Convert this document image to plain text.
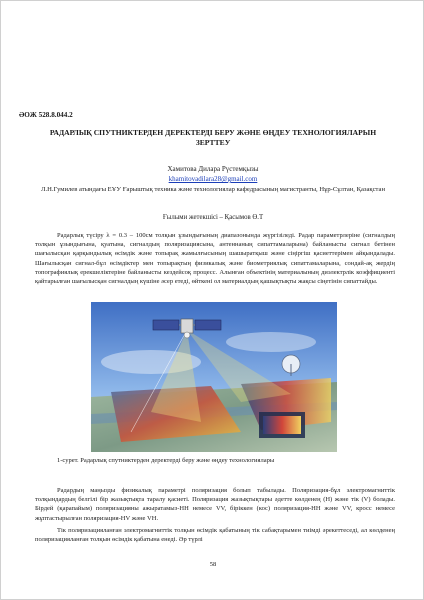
ӘОЖ 528.8.044.2
РАДАРЛЫҚ СПУТНИКТЕРДЕН ДЕРЕКТЕРДІ БЕРУ ЖӘНЕ ӨҢДЕУ ТЕХНОЛОГИЯЛАРЫН ЗЕРТТЕУ
Хамитова Дилара Рүстемқызы
khamitovadilara28@gmail.com
Л.Н.Гумилев атындағы ЕҰУ Ғарыштық техника және технологиялар кафедрасының магистранты, Нұр-Сұлтан, Қазақстан
Ғылыми жетекшісі – Қасымов Ө.Т
Радарлық түсіру λ = 0.3 – 100см толқын ұзындығының диапазонында жүргізіледі. Радар параметрлеріне (сигналдың толқын ұзындығына, қуатына, сигналдың поляризациясына, антеннаның сипаттамаларына) байланысты сигнал бетінен шағылысқан қарқындылық өсімдік және топырақ жамылғысының шашыратқыш және сіңіргіш қасиеттерімен айқындалады. Шағылысқан сигнал-бұл өсімдіктер мен топырақтың физикалық және биометриялық сипаттамаларына, сондай-ақ жердің топографиялық ерекшеліктеріне байланысты кездейсоқ процесс. Алынған объектінің материалының диэлектрлік коэффициенті қайтарылған шағылысқан сигналдың күшіне әсер етеді, өйткені ол материалдың қашықтықты жақсы сіңетінін сипаттайды.
1-сурет. Радарлық спутниктерден деректерді беру және өңдеу технологиялары
Радардың маңызды физикалық параметрі поляризация болып табылады. Поляризация-бұл электромагниттік толқындардың белгілі бір жазықтықта таралу қасиеті. Поляризация жазықтықтары әдетте көлденең (Н) және тік (V) болады. Бірдей (қарапайым) поляризацияны ажыратамыз-НН немесе VV, біріккен (кос) поляризация-НН және VV, кросс немесе жұптастырылған поляризация-HV және VH.
Тік поляризацияланған электромагниттік толқын өсімдік қабатының тік сабақтарымен тиімді әрекеттеседі, ал көлденең поляризацияланған толқын өсімдік қабатына енеді. Әр түрлі
58
